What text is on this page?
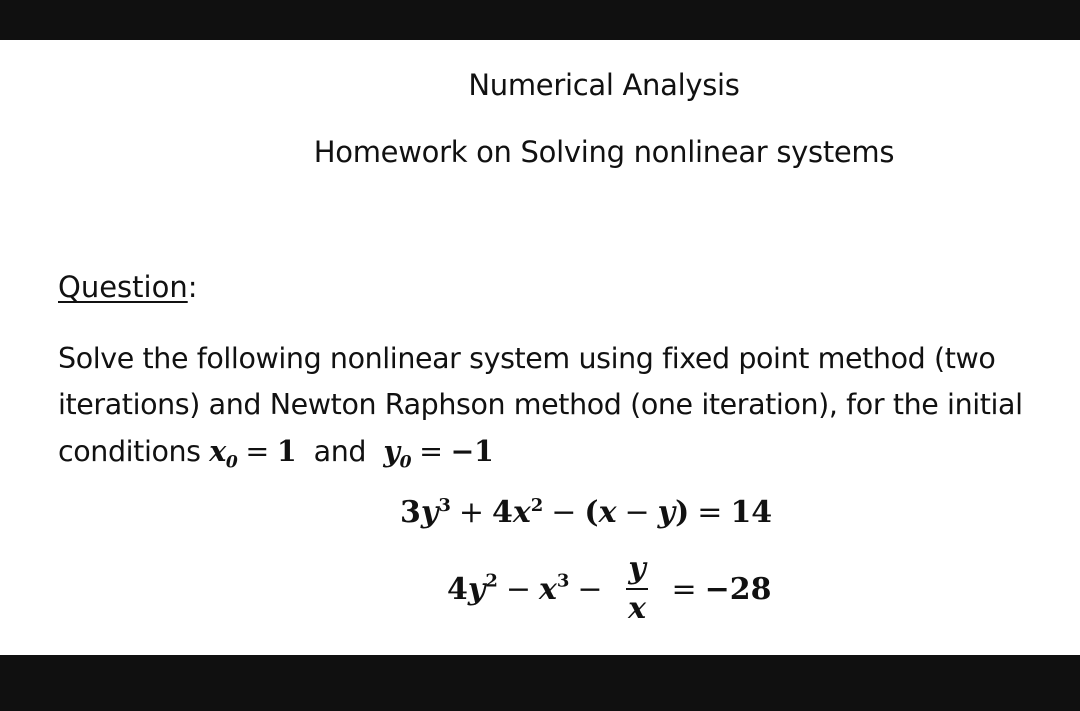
Numerical Analysis
Homework on Solving nonlinear systems
Question:
Solve the following nonlinear system using fixed point method (two iterations) and Newton Raphson method (one iteration), for the initial conditions $x_0 = 1$ and $y_0 = -1$
$3y^3 + 4x^2 - (x - y) = 14$
$4y^2 - x^3 - \frac{y}{x} = -28$
